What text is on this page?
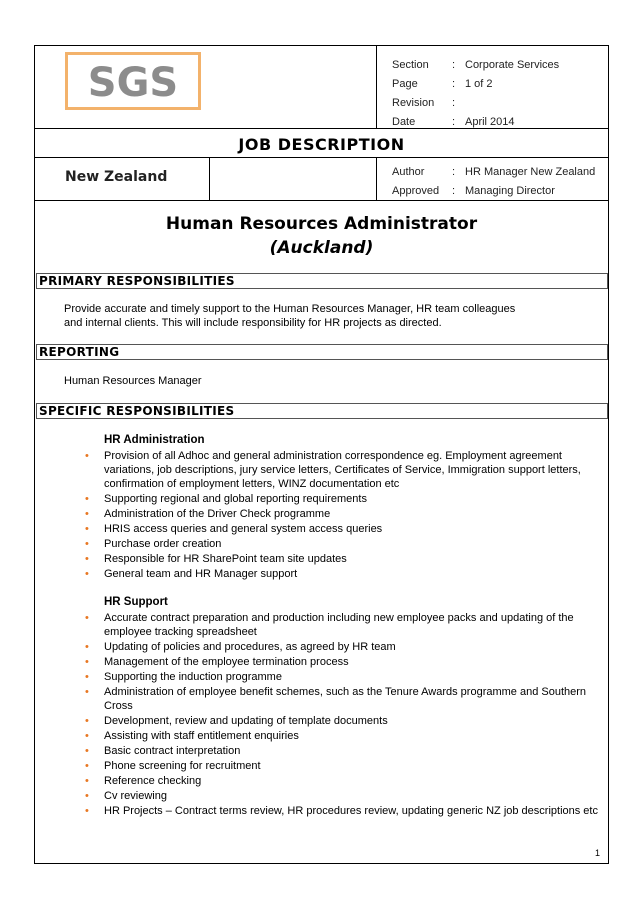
SGS	Section	:	Corporate Services
Page	:	1 of 2
Revision	:	
Date	:	April 2014
JOB DESCRIPTION
New Zealand	Author	:	HR Manager New Zealand
Approved	:	Managing Director
Human Resources Administrator
(Auckland)
PRIMARY RESPONSIBILITIES
Provide accurate and timely support to the Human Resources Manager, HR team colleagues
and internal clients. This will include responsibility for HR projects as directed.
REPORTING
Human Resources Manager
SPECIFIC RESPONSIBILITIES
HR Administration
• Provision of all Adhoc and general administration correspondence eg. Employment agreement variations, job descriptions, jury service letters, Certificates of Service, Immigration support letters, confirmation of employment letters, WINZ documentation etc
• Supporting regional and global reporting requirements
• Administration of the Driver Check programme
• HRIS access queries and general system access queries
• Purchase order creation
• Responsible for HR SharePoint team site updates
• General team and HR Manager support
HR Support
• Accurate contract preparation and production including new employee packs and updating of the employee tracking spreadsheet
• Updating of policies and procedures, as agreed by HR team
• Management of the employee termination process
• Supporting the induction programme
• Administration of employee benefit schemes, such as the Tenure Awards programme and Southern Cross
• Development, review and updating of template documents
• Assisting with staff entitlement enquiries
• Basic contract interpretation
• Phone screening for recruitment
• Reference checking
• Cv reviewing
• HR Projects – Contract terms review, HR procedures review, updating generic NZ job descriptions etc
1
